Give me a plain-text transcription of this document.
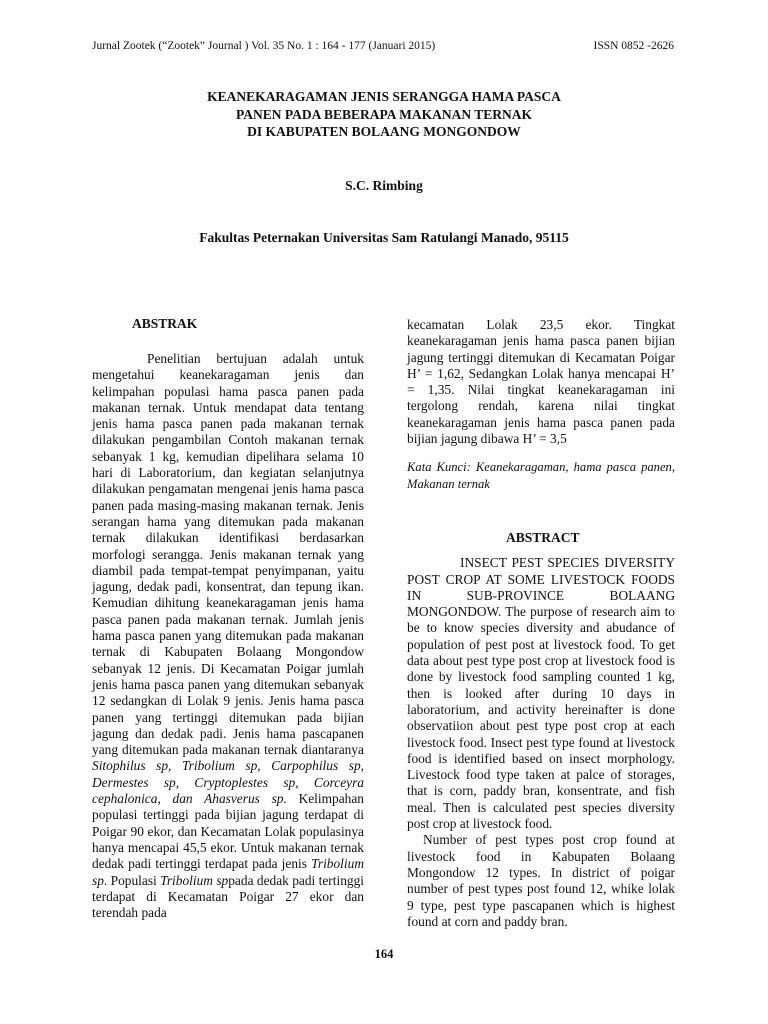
Jurnal Zootek (“Zootek” Journal ) Vol. 35 No. 1 : 164 - 177 (Januari 2015)	ISSN 0852 -2626
KEANEKARAGAMAN JENIS SERANGGA HAMA PASCA
PANEN PADA BEBERAPA MAKANAN TERNAK
DI KABUPATEN BOLAANG MONGONDOW
S.C. Rimbing
Fakultas Peternakan Universitas Sam Ratulangi Manado, 95115
ABSTRAK

Penelitian bertujuan adalah untuk mengetahui keanekaragaman jenis dan kelimpahan populasi hama pasca panen pada makanan ternak. Untuk mendapat data tentang jenis hama pasca panen pada makanan ternak dilakukan pengambilan Contoh makanan ternak sebanyak 1 kg, kemudian dipelihara selama 10 hari di Laboratorium, dan kegiatan selanjutnya dilakukan pengamatan mengenai jenis hama pasca panen pada masing-masing makanan ternak. Jenis serangan hama yang ditemukan pada makanan ternak dilakukan identifikasi berdasarkan morfologi serangga. Jenis makanan ternak yang diambil pada tempat-tempat penyimpanan, yaitu jagung, dedak padi, konsentrat, dan tepung ikan. Kemudian dihitung keanekaragaman jenis hama pasca panen pada makanan ternak. Jumlah jenis hama pasca panen yang ditemukan pada makanan ternak di Kabupaten Bolaang Mongondow sebanyak 12 jenis. Di Kecamatan Poigar jumlah jenis hama pasca panen yang ditemukan sebanyak 12 sedangkan di Lolak 9 jenis. Jenis hama pasca panen yang tertinggi ditemukan pada bijian jagung dan dedak padi. Jenis hama pascapanen yang ditemukan pada makanan ternak diantaranya Sitophilus sp, Tribolium sp, Carpophilus sp, Dermestes sp, Cryptoplestes sp, Corceyra cephalonica, dan Ahasverus sp. Kelimpahan populasi tertinggi pada bijian jagung terdapat di Poigar 90 ekor, dan Kecamatan Lolak populasinya hanya mencapai 45,5 ekor. Untuk makanan ternak dedak padi tertinggi terdapat pada jenis Tribolium sp. Populasi Tribolium sppada dedak padi tertinggi terdapat di Kecamatan Poigar 27 ekor dan terendah pada

kecamatan Lolak 23,5 ekor. Tingkat keanekaragaman jenis hama pasca panen bijian jagung tertinggi ditemukan di Kecamatan Poigar H’ = 1,62, Sedangkan Lolak hanya mencapai H’ = 1,35. Nilai tingkat keanekaragaman ini tergolong rendah, karena nilai tingkat keanekaragaman jenis hama pasca panen pada bijian jagung dibawa H’ = 3,5

Kata Kunci: Keanekaragaman, hama pasca panen, Makanan ternak

ABSTRACT

INSECT PEST SPECIES DIVERSITY POST CROP AT SOME LIVESTOCK FOODS IN SUB-PROVINCE BOLAANG MONGONDOW. The purpose of research aim to be to know species diversity and abudance of population of pest post at livestock food. To get data about pest type post crop at livestock food is done by livestock food sampling counted 1 kg, then is looked after during 10 days in laboratorium, and activity hereinafter is done observatiion about pest type post crop at each livestock food. Insect pest type found at livestock food is identified based on insect morphology. Livestock food type taken at palce of storages, that is corn, paddy bran, konsentrate, and fish meal. Then is calculated pest species diversity post crop at livestock food.

Number of pest types post crop found at livestock food in Kabupaten Bolaang Mongondow 12 types. In district of poigar number of pest types post found 12, whike lolak 9 type, pest type pascapanen which is highest found at corn and paddy bran.

164
